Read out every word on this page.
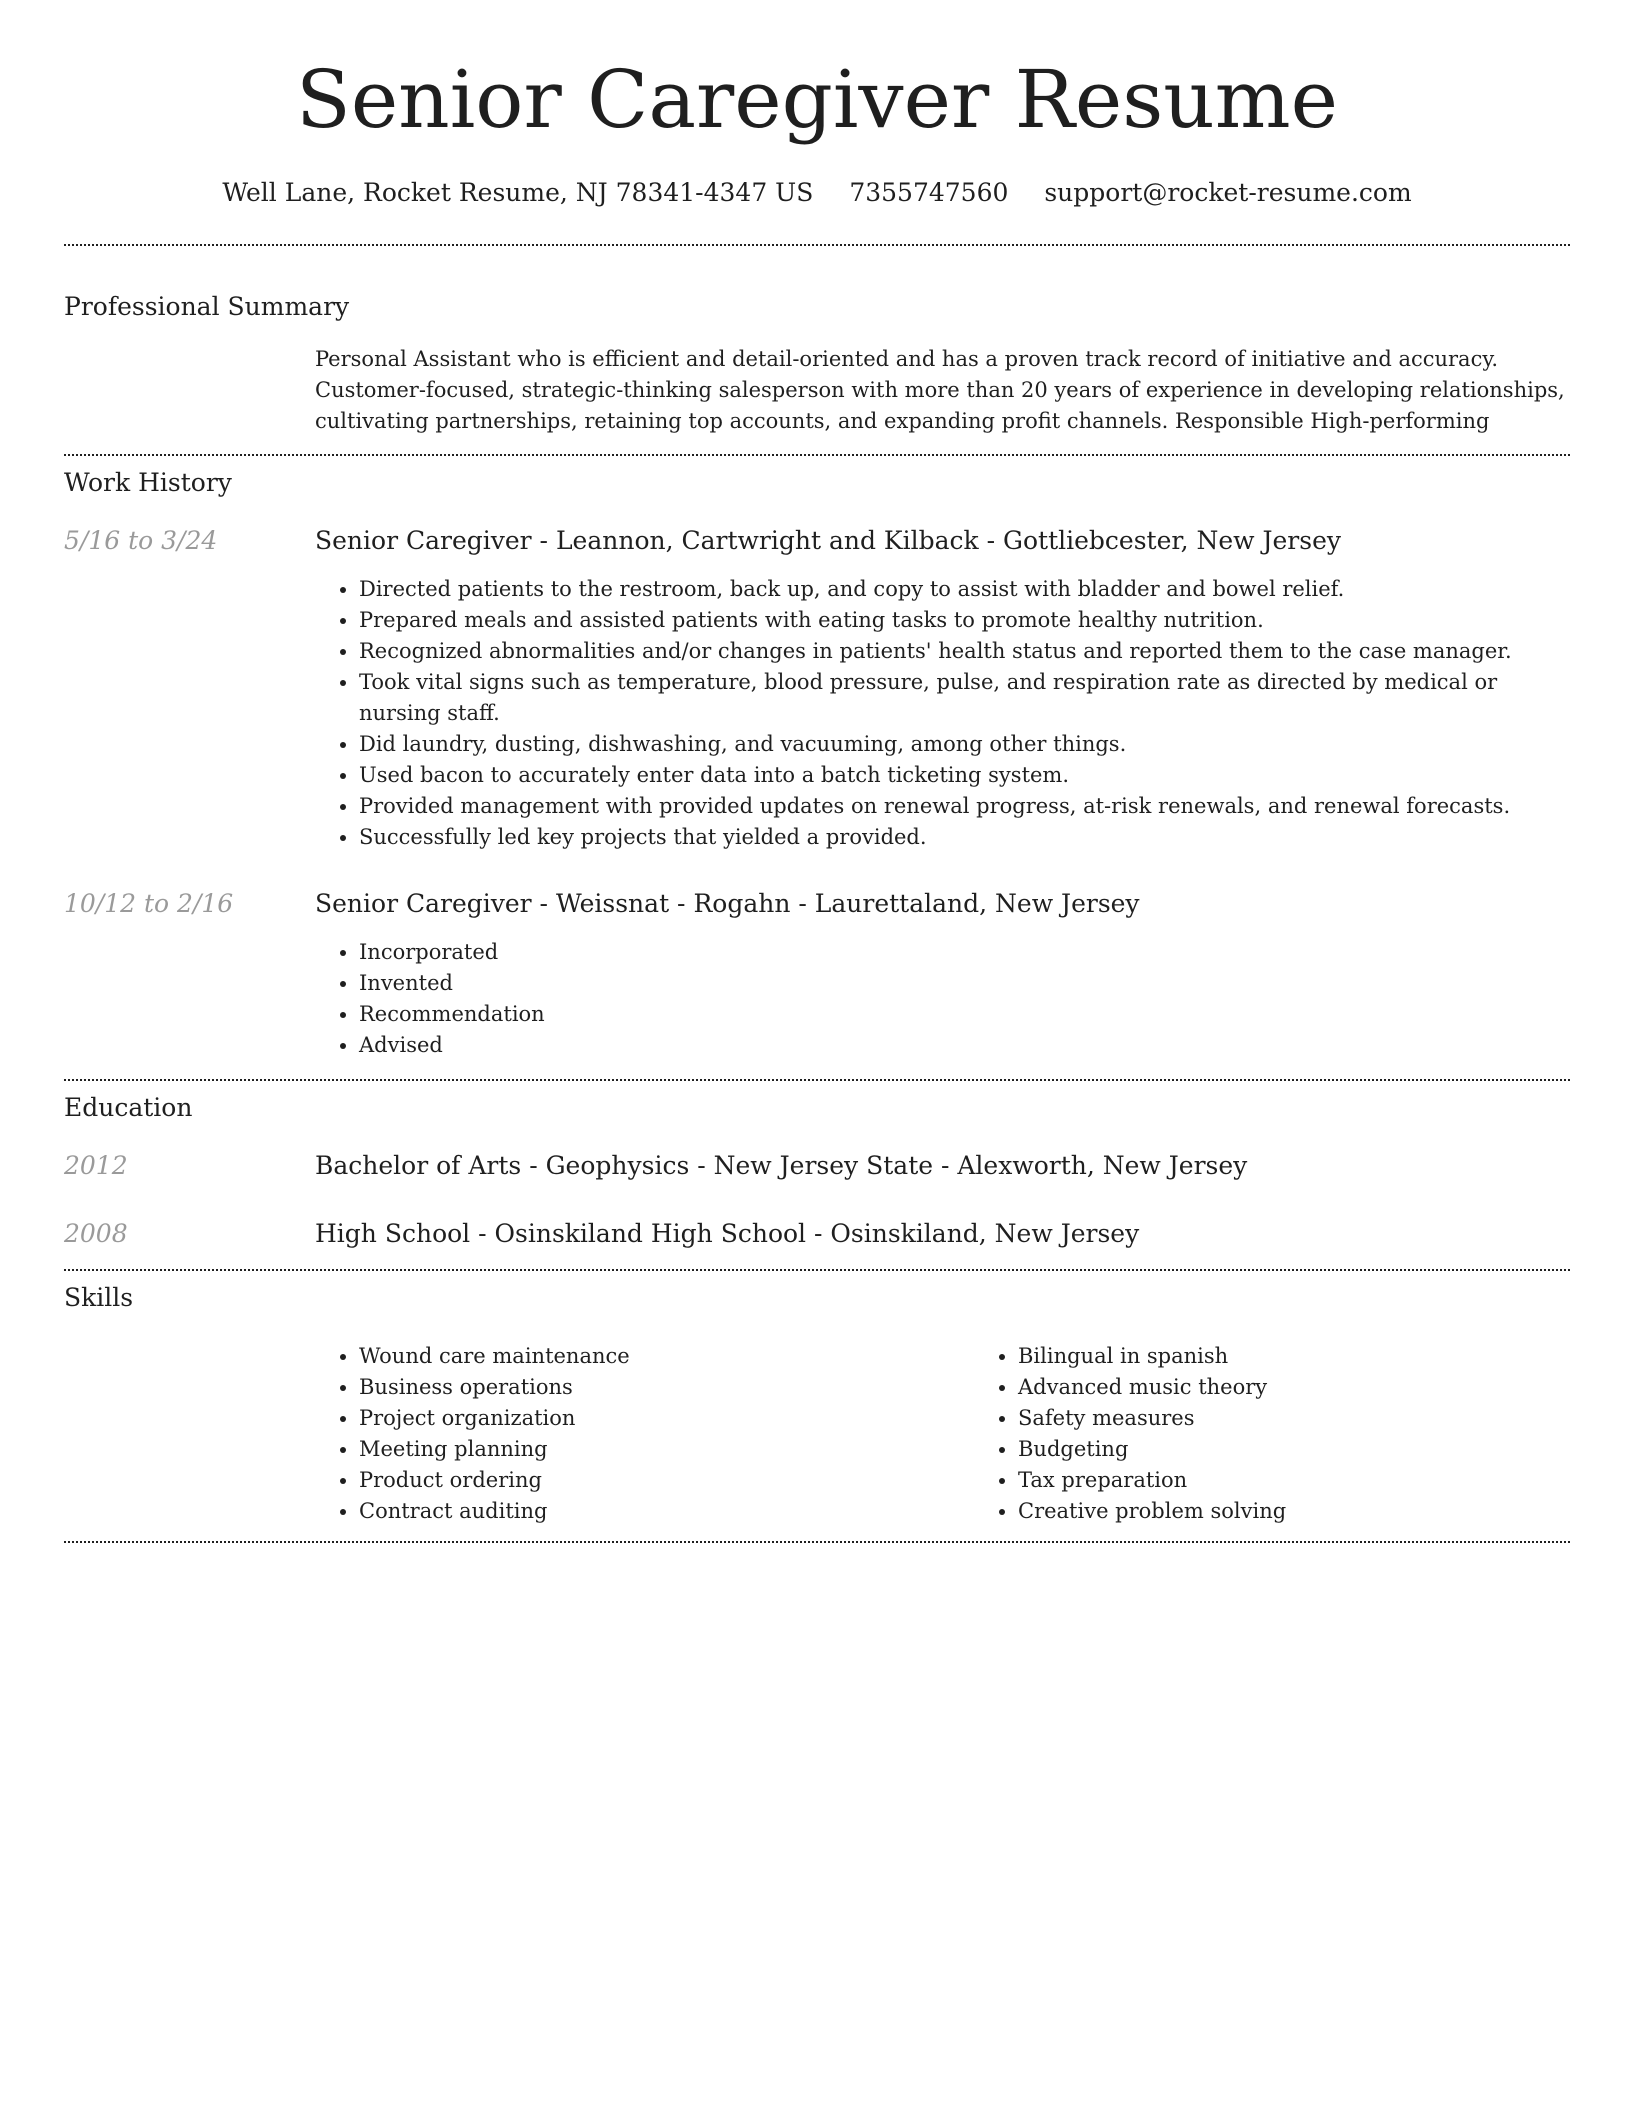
Senior Caregiver Resume
Well Lane, Rocket Resume, NJ 78341-4347 US 7355747560 support@rocket-resume.com
Professional Summary

Personal Assistant who is efficient and detail-oriented and has a proven track record of initiative and accuracy. Customer-focused, strategic-thinking salesperson with more than 20 years of experience in developing relationships, cultivating partnerships, retaining top accounts, and expanding profit channels. Responsible High-performing

Work History
5/16 to 3/24	Senior Caregiver - Leannon, Cartwright and Kilback - Gottliebcester, New Jersey
• Directed patients to the restroom, back up, and copy to assist with bladder and bowel relief.
• Prepared meals and assisted patients with eating tasks to promote healthy nutrition.
• Recognized abnormalities and/or changes in patients' health status and reported them to the case manager.
• Took vital signs such as temperature, blood pressure, pulse, and respiration rate as directed by medical or nursing staff.
• Did laundry, dusting, dishwashing, and vacuuming, among other things.
• Used bacon to accurately enter data into a batch ticketing system.
• Provided management with provided updates on renewal progress, at-risk renewals, and renewal forecasts.
• Successfully led key projects that yielded a provided.
10/12 to 2/16	Senior Caregiver - Weissnat - Rogahn - Laurettaland, New Jersey
• Incorporated
• Invented
• Recommendation
• Advised
Education
2012	Bachelor of Arts - Geophysics - New Jersey State - Alexworth, New Jersey
2008	High School - Osinskiland High School - Osinskiland, New Jersey
Skills
• Wound care maintenance
• Business operations
• Project organization
• Meeting planning
• Product ordering
• Contract auditing
• Bilingual in spanish
• Advanced music theory
• Safety measures
• Budgeting
• Tax preparation
• Creative problem solving
